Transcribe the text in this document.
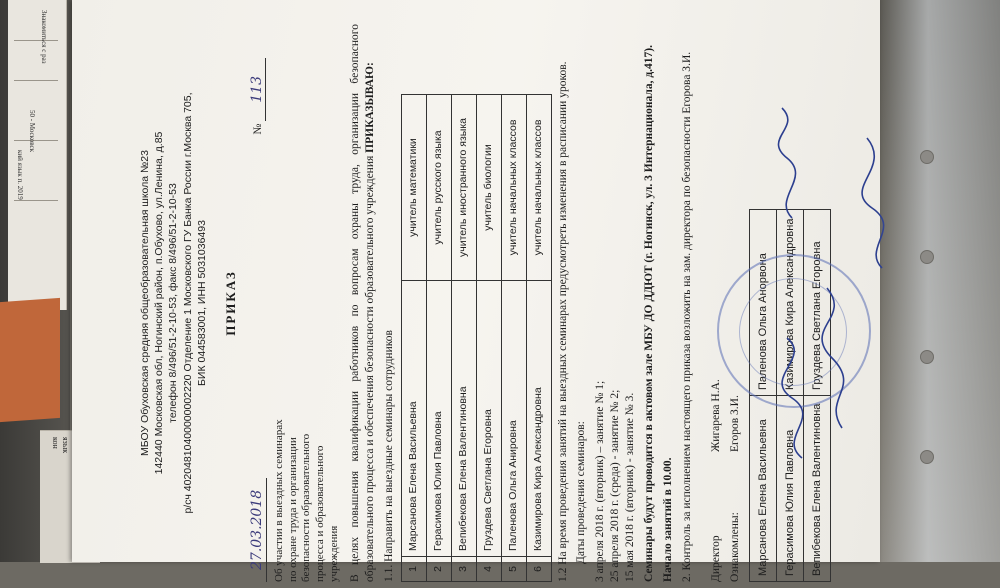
Знакомиться с раз
50 - Московск
кий язык п. 2019
язык
кон	МБОУ Обуховская средняя общеобразовательная школа №23 142440 Московская обл, Ногинский район, п.Обухово, ул.Ленина, д.85 телефон 8/496/51-2-10-53, факс 8/496/51-2-10-53 р/сч 40204810400000002220 Отделение 1 Московского ГУ Банка России г.Москва 705, БИК 044583001, ИНН 5031036493 ПРИКАЗ
27.03.2018
№ 113
Об участии в выездных семинарах по охране труда и организации безопасности образовательного процесса и образовательного учреждения В целях повышения квалификации работников по вопросам охраны труда, организации безопасного образовательного процесса и обеспечения безопасности образовательного учреждения ПРИКАЗЫВАЮ:
1.1. Направить на выездные семинары сотрудников 1	Марсанова Елена Васильевна	учитель математики
2	Герасимова Юлия Павловна	учитель русского языка
3	Вепибекова Елена Валентиновна	учитель иностранного языка
4	Груздева Светлана Егоровна	учитель биологии
5	Паленова Ольга Анировна	учитель начальных классов
6	Казимирова Кира Александровна	учитель начальных классов 1.2 На время проведения занятий на выездных семинарах предусмотреть изменения в расписании уроков. Даты проведения семинаров: 3 апреля 2018 г. (вторник) – занятие № 1; 25 апреля 2018 г. (среда) - занятие № 2; 15 мая 2018 г. (вторник) - занятие № 3. Семинары будут проводится в актовом зале МБУ ДО ДДЮТ (г. Ногинск, ул. 3 Интернационала, д.417). Начало занятий в 10.00. 2. Контроль за исполнением настоящего приказа возложить на зам. директора по безопасности Егорова З.И. Директор
Жигарева Н.А.
Ознакомлены:
Егоров З.И. Марсанова Елена Васильевна	Паленова Ольга Анорвона
Герасимова Юлия Павловна	Казимирова Кира Александровна
Вепибекова Елена Валентиновна	Груздева Светлана Егоровна
